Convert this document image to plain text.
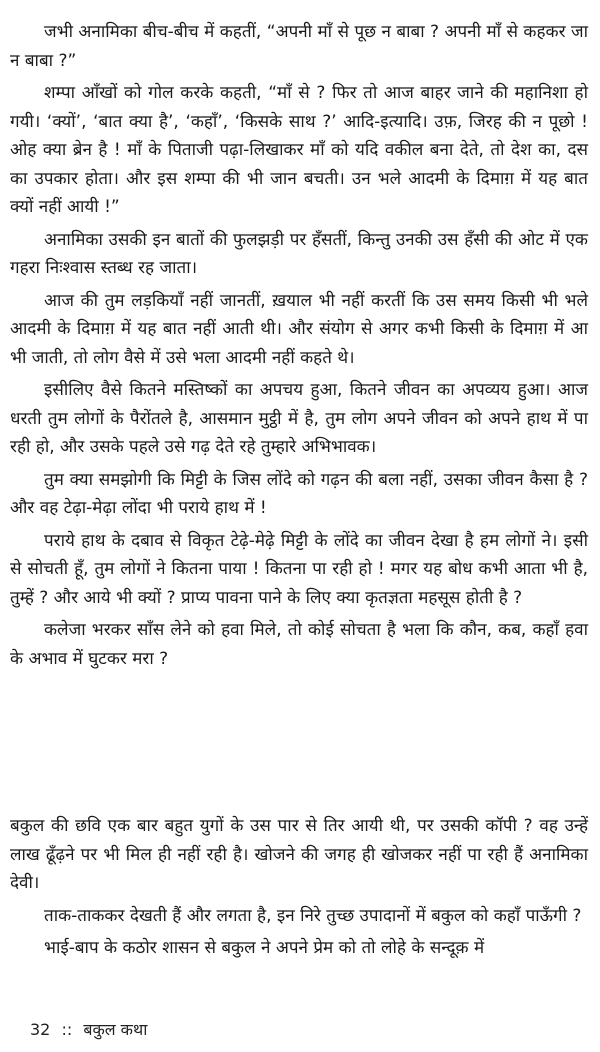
जभी अनामिका बीच-बीच में कहतीं, “अपनी माँ से पूछ न बाबा ? अपनी माँ से कहकर जा न बाबा ?”

शम्पा आँखों को गोल करके कहती, “माँ से ? फिर तो आज बाहर जाने की महानिशा हो गयी। ‘क्यों’, ‘बात क्या है’, ‘कहाँ’, ‘किसके साथ ?’ आदि-इत्यादि। उफ़, जिरह की न पूछो ! ओह क्या ब्रेन है ! माँ के पिताजी पढ़ा-लिखाकर माँ को यदि वकील बना देते, तो देश का, दस का उपकार होता। और इस शम्पा की भी जान बचती। उन भले आदमी के दिमाग़ में यह बात क्यों नहीं आयी !”

अनामिका उसकी इन बातों की फुलझड़ी पर हँसतीं, किन्तु उनकी उस हँसी की ओट में एक गहरा निःश्वास स्तब्ध रह जाता।

आज की तुम लड़कियाँ नहीं जानतीं, ख़याल भी नहीं करतीं कि उस समय किसी भी भले आदमी के दिमाग़ में यह बात नहीं आती थी। और संयोग से अगर कभी किसी के दिमाग़ में आ भी जाती, तो लोग वैसे में उसे भला आदमी नहीं कहते थे।

इसीलिए वैसे कितने मस्तिष्कों का अपचय हुआ, कितने जीवन का अपव्यय हुआ। आज धरती तुम लोगों के पैरोंतले है, आसमान मुट्ठी में है, तुम लोग अपने जीवन को अपने हाथ में पा रही हो, और उसके पहले उसे गढ़ देते रहे तुम्हारे अभिभावक।

तुम क्या समझोगी कि मिट्टी के जिस लोंदे को गढ़न की बला नहीं, उसका जीवन कैसा है ? और वह टेढ़ा-मेढ़ा लोंदा भी पराये हाथ में !

पराये हाथ के दबाव से विकृत टेढ़े-मेढ़े मिट्टी के लोंदे का जीवन देखा है हम लोगों ने। इसी से सोचती हूँ, तुम लोगों ने कितना पाया ! कितना पा रही हो ! मगर यह बोध कभी आता भी है, तुम्हें ? और आये भी क्यों ? प्राप्य पावना पाने के लिए क्या कृतज्ञता महसूस होती है ?

कलेजा भरकर साँस लेने को हवा मिले, तो कोई सोचता है भला कि कौन, कब, कहाँ हवा के अभाव में घुटकर मरा ?

बकुल की छवि एक बार बहुत युगों के उस पार से तिर आयी थी, पर उसकी कॉपी ? वह उन्हें लाख ढूँढ़ने पर भी मिल ही नहीं रही है। खोजने की जगह ही खोजकर नहीं पा रही हैं अनामिका देवी।

ताक-ताककर देखती हैं और लगता है, इन निरे तुच्छ उपादानों में बकुल को कहाँ पाऊँगी ?

भाई-बाप के कठोर शासन से बकुल ने अपने प्रेम को तो लोहे के सन्दूक़ में

32 :: बकुल कथा
